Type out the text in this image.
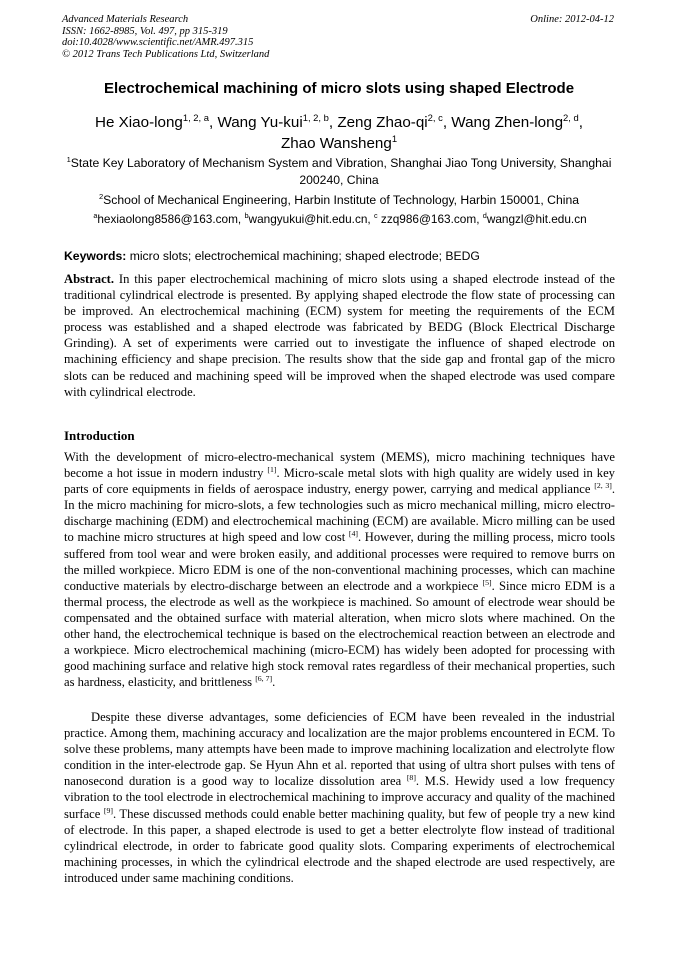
Advanced Materials Research
ISSN: 1662-8985, Vol. 497, pp 315-319
doi:10.4028/www.scientific.net/AMR.497.315
© 2012 Trans Tech Publications Ltd, Switzerland
Online: 2012-04-12
Electrochemical machining of micro slots using shaped Electrode
He Xiao-long$^{1, 2, a}$, Wang Yu-kui$^{1, 2, b}$, Zeng Zhao-qi$^{2, c}$, Wang Zhen-long$^{2, d}$,
Zhao Wansheng$^1$
$^1$State Key Laboratory of Mechanism System and Vibration, Shanghai Jiao Tong University, Shanghai 200240, China
$^2$School of Mechanical Engineering, Harbin Institute of Technology, Harbin 150001, China
$^a$hexiaolong8586@163.com, $^b$wangyukui@hit.edu.cn, $^c$ zzq986@163.com, $^d$wangzl@hit.edu.cn
Keywords: micro slots; electrochemical machining; shaped electrode; BEDG
Abstract. In this paper electrochemical machining of micro slots using a shaped electrode instead of the traditional cylindrical electrode is presented. By applying shaped electrode the flow state of processing can be improved. An electrochemical machining (ECM) system for meeting the requirements of the ECM process was established and a shaped electrode was fabricated by BEDG (Block Electrical Discharge Grinding). A set of experiments were carried out to investigate the influence of shaped electrode on machining efficiency and shape precision. The results show that the side gap and frontal gap of the micro slots can be reduced and machining speed will be improved when the shaped electrode was used compare with cylindrical electrode.
Introduction
With the development of micro-electro-mechanical system (MEMS), micro machining techniques have become a hot issue in modern industry [1]. Micro-scale metal slots with high quality are widely used in key parts of core equipments in fields of aerospace industry, energy power, carrying and medical appliance [2, 3]. In the micro machining for micro-slots, a few technologies such as micro mechanical milling, micro electro-discharge machining (EDM) and electrochemical machining (ECM) are available. Micro milling can be used to machine micro structures at high speed and low cost [4]. However, during the milling process, micro tools suffered from tool wear and were broken easily, and additional processes were required to remove burrs on the milled workpiece. Micro EDM is one of the non-conventional machining processes, which can machine conductive materials by electro-discharge between an electrode and a workpiece [5]. Since micro EDM is a thermal process, the electrode as well as the workpiece is machined. So amount of electrode wear should be compensated and the obtained surface with material alteration, when micro slots where machined. On the other hand, the electrochemical technique is based on the electrochemical reaction between an electrode and a workpiece. Micro electrochemical machining (micro-ECM) has widely been adopted for processing with good machining surface and relative high stock removal rates regardless of their mechanical properties, such as hardness, elasticity, and brittleness [6, 7].
Despite these diverse advantages, some deficiencies of ECM have been revealed in the industrial practice. Among them, machining accuracy and localization are the major problems encountered in ECM. To solve these problems, many attempts have been made to improve machining localization and electrolyte flow condition in the inter-electrode gap. Se Hyun Ahn et al. reported that using of ultra short pulses with tens of nanosecond duration is a good way to localize dissolution area [8]. M.S. Hewidy used a low frequency vibration to the tool electrode in electrochemical machining to improve accuracy and quality of the machined surface [9]. These discussed methods could enable better machining quality, but few of people try a new kind of electrode. In this paper, a shaped electrode is used to get a better electrolyte flow instead of traditional cylindrical electrode, in order to fabricate good quality slots. Comparing experiments of electrochemical machining processes, in which the cylindrical electrode and the shaped electrode are used respectively, are introduced under same machining conditions.
